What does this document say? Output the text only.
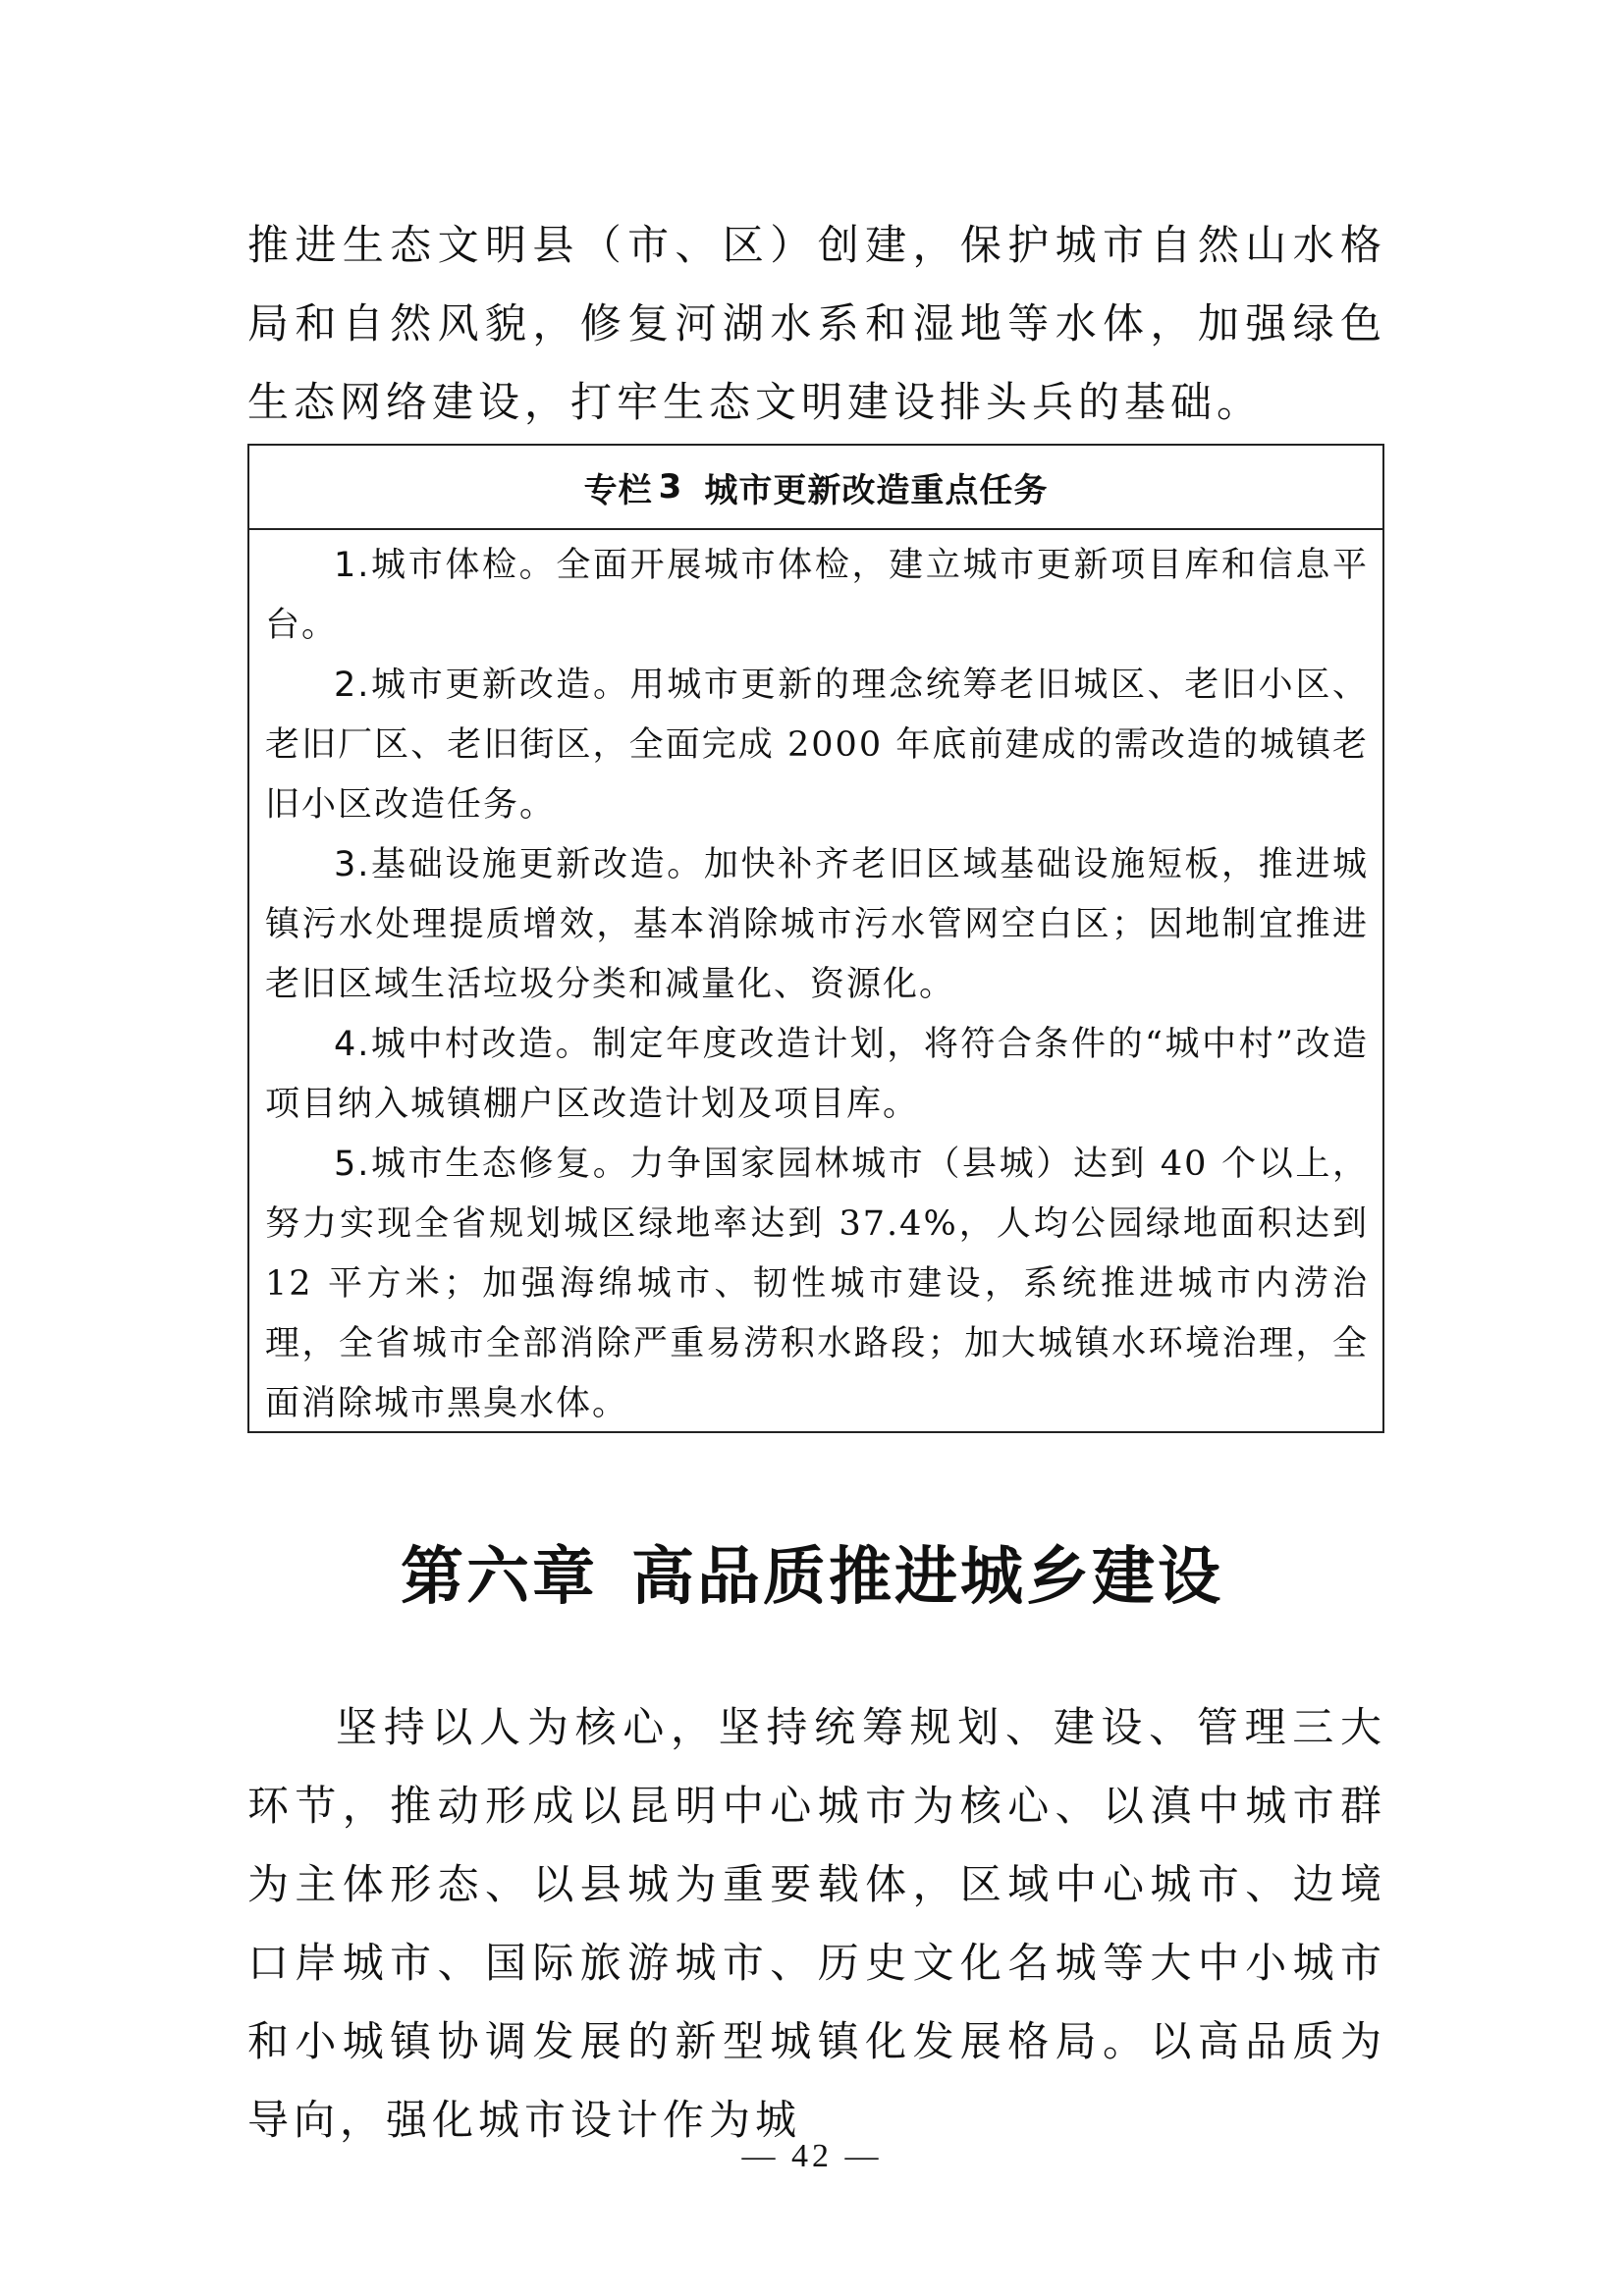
推进生态文明县（市、区）创建，保护城市自然山水格局和自然风貌，修复河湖水系和湿地等水体，加强绿色生态网络建设，打牢生态文明建设排头兵的基础。

专栏 3 城市更新改造重点任务

1.城市体检。全面开展城市体检，建立城市更新项目库和信息平台。

2.城市更新改造。用城市更新的理念统筹老旧城区、老旧小区、老旧厂区、老旧街区，全面完成 2000 年底前建成的需改造的城镇老旧小区改造任务。

3.基础设施更新改造。加快补齐老旧区域基础设施短板，推进城镇污水处理提质增效，基本消除城市污水管网空白区；因地制宜推进老旧区域生活垃圾分类和减量化、资源化。

4.城中村改造。制定年度改造计划，将符合条件的“城中村”改造项目纳入城镇棚户区改造计划及项目库。

5.城市生态修复。力争国家园林城市（县城）达到 40 个以上，努力实现全省规划城区绿地率达到 37.4%，人均公园绿地面积达到 12 平方米；加强海绵城市、韧性城市建设，系统推进城市内涝治理，全省城市全部消除严重易涝积水路段；加大城镇水环境治理，全面消除城市黑臭水体。

第六章 高品质推进城乡建设

坚持以人为核心，坚持统筹规划、建设、管理三大环节，推动形成以昆明中心城市为核心、以滇中城市群为主体形态、以县城为重要载体，区域中心城市、边境口岸城市、国际旅游城市、历史文化名城等大中小城市和小城镇协调发展的新型城镇化发展格局。以高品质为导向，强化城市设计作为城

— 42 —
